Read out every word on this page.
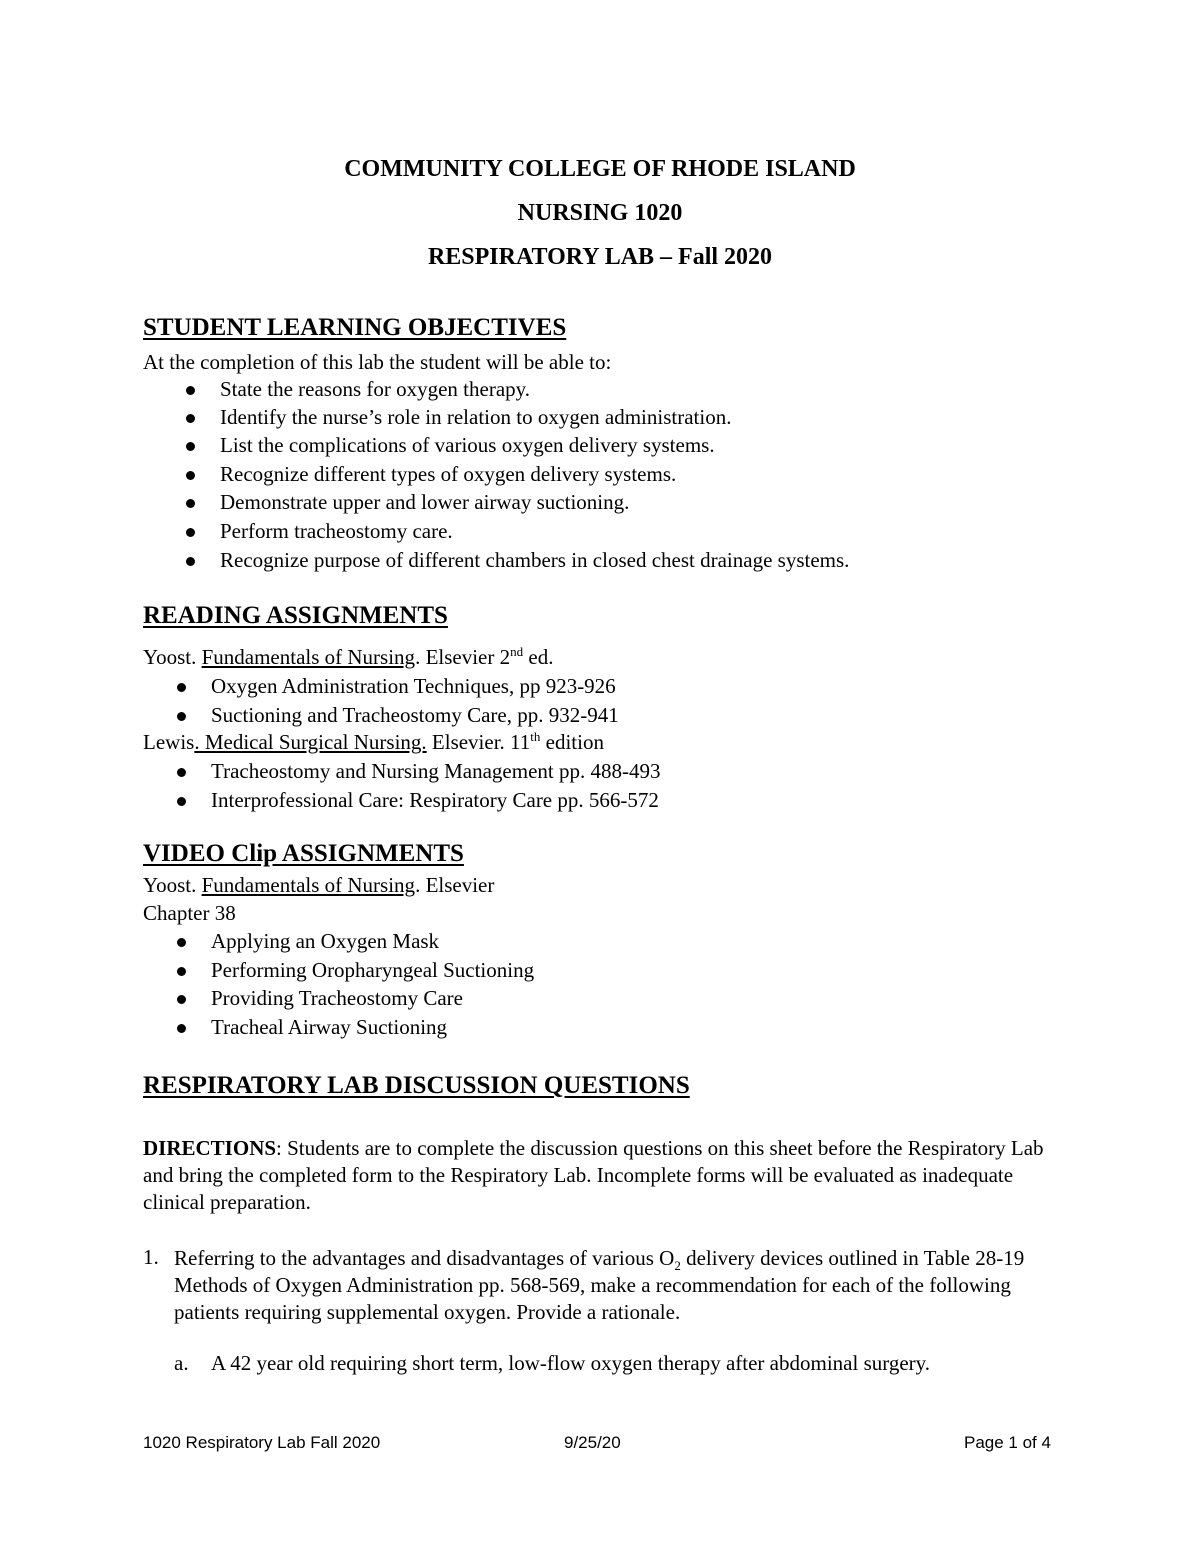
COMMUNITY COLLEGE OF RHODE ISLAND
NURSING 1020
RESPIRATORY LAB – Fall 2020
STUDENT LEARNING OBJECTIVES
At the completion of this lab the student will be able to:
State the reasons for oxygen therapy.
Identify the nurse’s role in relation to oxygen administration.
List the complications of various oxygen delivery systems.
Recognize different types of oxygen delivery systems.
Demonstrate upper and lower airway suctioning.
Perform tracheostomy care.
Recognize purpose of different chambers in closed chest drainage systems.
READING ASSIGNMENTS
Yoost. Fundamentals of Nursing. Elsevier 2nd ed.
Oxygen Administration Techniques, pp 923-926
Suctioning and Tracheostomy Care, pp. 932-941
Lewis. Medical Surgical Nursing. Elsevier. 11th edition
Tracheostomy and Nursing Management pp. 488-493
Interprofessional Care: Respiratory Care pp. 566-572
VIDEO Clip ASSIGNMENTS
Yoost. Fundamentals of Nursing. Elsevier
Chapter 38
Applying an Oxygen Mask
Performing Oropharyngeal Suctioning
Providing Tracheostomy Care
Tracheal Airway Suctioning
RESPIRATORY LAB DISCUSSION QUESTIONS
DIRECTIONS: Students are to complete the discussion questions on this sheet before the Respiratory Lab and bring the completed form to the Respiratory Lab. Incomplete forms will be evaluated as inadequate clinical preparation.
1. Referring to the advantages and disadvantages of various $O_2$ delivery devices outlined in Table 28-19 Methods of Oxygen Administration pp. 568-569, make a recommendation for each of the following patients requiring supplemental oxygen. Provide a rationale.
a. A 42 year old requiring short term, low-flow oxygen therapy after abdominal surgery.
1020 Respiratory Lab Fall 2020	9/25/20	Page 1 of 4
